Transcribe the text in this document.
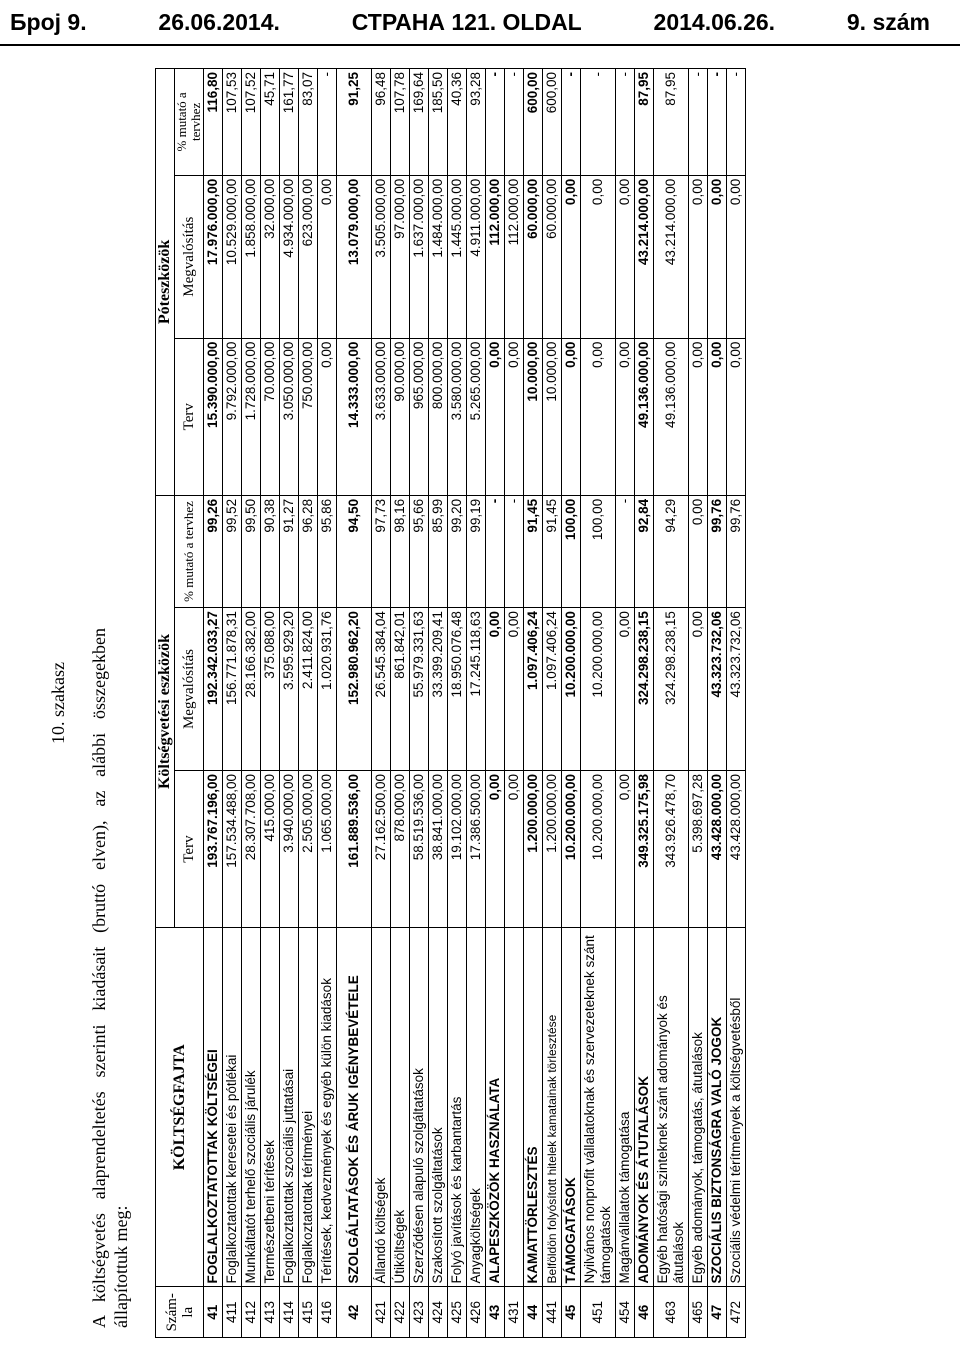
Број 9.	26.06.2014.	СТРАНА 121. OLDAL	2014.06.26.	9. szám
10. szakasz A költségvetés alaprendeltetés szerinti kiadásait (bruttó elven), az alábbi összegekben állapítottuk meg: Szám-la	KÖLTSÉGFAJTA	Költségvetési eszközök			Póteszközök		
		Terv	Megvalósítás	% mutató a tervhez	Terv	Megvalósítás	% mutató a tervhez
41	FOGLALKOZTATOTTAK KÖLTSÉGEI	193.767.196,00	192.342.033,27	99,26	15.390.000,00	17.976.000,00	116,80
411	Foglalkoztatottak keresetei és pótlékai	157.534.488,00	156.771.878,31	99,52	9.792.000,00	10.529.000,00	107,53
412	Munkáltatót terhelő szociális járulék	28.307.708,00	28.166.382,00	99,50	1.728.000,00	1.858.000,00	107,52
413	Természetbeni térítések	415.000,00	375.088,00	90,38	70.000,00	32.000,00	45,71
414	Foglalkoztatottak szociális juttatásai	3.940.000,00	3.595.929,20	91,27	3.050.000,00	4.934.000,00	161,77
415	Foglalkoztatottak térítményei	2.505.000,00	2.411.824,00	96,28	750.000,00	623.000,00	83,07
416	Térítések, kedvezmények és egyéb külön kiadások	1.065.000,00	1.020.931,76	95,86	0,00	0,00	-
42	SZOLGÁLTATÁSOK ÉS ÁRUK IGÉNYBEVÉTELE	161.889.536,00	152.980.962,20	94,50	14.333.000,00	13.079.000,00	91,25
421	Állandó költségek	27.162.500,00	26.545.384,04	97,73	3.633.000,00	3.505.000,00	96,48
422	Útiköltségek	878.000,00	861.842,01	98,16	90.000,00	97.000,00	107,78
423	Szerződésen alapuló szolgáltatások	58.519.536,00	55.979.331,63	95,66	965.000,00	1.637.000,00	169,64
424	Szakosított szolgáltatások	38.841.000,00	33.399.209,41	85,99	800.000,00	1.484.000,00	185,50
425	Folyó javítások és karbantartás	19.102.000,00	18.950.076,48	99,20	3.580.000,00	1.445.000,00	40,36
426	Anyagköltségek	17.386.500,00	17.245.118,63	99,19	5.265.000,00	4.911.000,00	93,28
43	ALAPESZKÖZÖK HASZNÁLATA	0,00	0,00	-	0,00	112.000,00	-
431		0,00	0,00	-	0,00	112.000,00	-
44	KAMATTÖRLESZTÉS	1.200.000,00	1.097.406,24	91,45	10.000,00	60.000,00	600,00
441	Belföldön folyósított hitelek kamatainak törlesztése	1.200.000,00	1.097.406,24	91,45	10.000,00	60.000,00	600,00
45	TÁMOGATÁSOK	10.200.000,00	10.200.000,00	100,00	0,00	0,00	-
451	Nyilvános nonprofit vállalatoknak és szervezeteknek szánt támogatások	10.200.000,00	10.200.000,00	100,00	0,00	0,00	-
454	Magánvállalatok támogatása	0,00	0,00	-	0,00	0,00	-
46	ADOMÁNYOK ÉS ÁTUTALÁSOK	349.325.175,98	324.298.238,15	92,84	49.136.000,00	43.214.000,00	87,95
463	Egyéb hatósági szinteknek szánt adományok és átutalások	343.926.478,70	324.298.238,15	94,29	49.136.000,00	43.214.000,00	87,95
465	Egyéb adományok, támogatás, átutalások	5.398.697,28	0,00	0,00	0,00	0,00	-
47	SZOCIÁLIS BIZTONSÁGRA VALÓ JOGOK	43.428.000,00	43.323.732,06	99,76	0,00	0,00	-
472	Szociális védelmi térítmények a költségvetésből	43.428.000,00	43.323.732,06	99,76	0,00	0,00	-
